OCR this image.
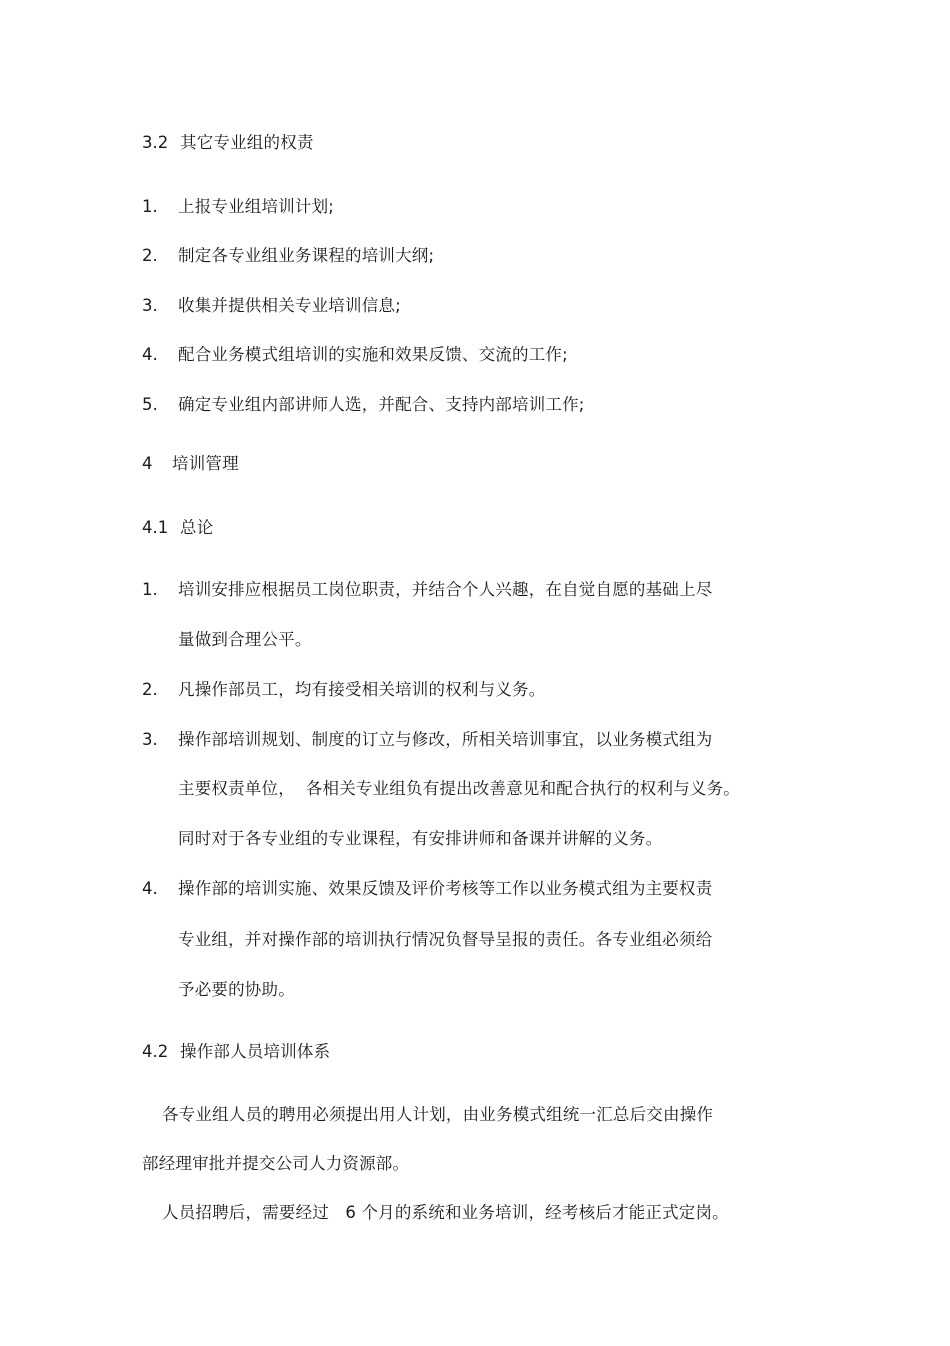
3.2 其它专业组的权责
1. 上报专业组培训计划;
2. 制定各专业组业务课程的培训大纲;
3. 收集并提供相关专业培训信息;
4. 配合业务模式组培训的实施和效果反馈、交流的工作;
5. 确定专业组内部讲师人选，并配合、支持内部培训工作;
4 培训管理
4.1 总论
1. 培训安排应根据员工岗位职责，并结合个人兴趣，在自觉自愿的基础上尽
量做到合理公平。
2. 凡操作部员工，均有接受相关培训的权利与义务。
3. 操作部培训规划、制度的订立与修改，所相关培训事宜，以业务模式组为
主要权责单位，  各相关专业组负有提出改善意见和配合执行的权利与义务。
同时对于各专业组的专业课程，有安排讲师和备课并讲解的义务。
4. 操作部的培训实施、效果反馈及评价考核等工作以业务模式组为主要权责
专业组，并对操作部的培训执行情况负督导呈报的责任。各专业组必须给
予必要的协助。
4.2 操作部人员培训体系
各专业组人员的聘用必须提出用人计划，由业务模式组统一汇总后交由操作
部经理审批并提交公司人力资源部。
人员招聘后，需要经过   6 个月的系统和业务培训，经考核后才能正式定岗。
